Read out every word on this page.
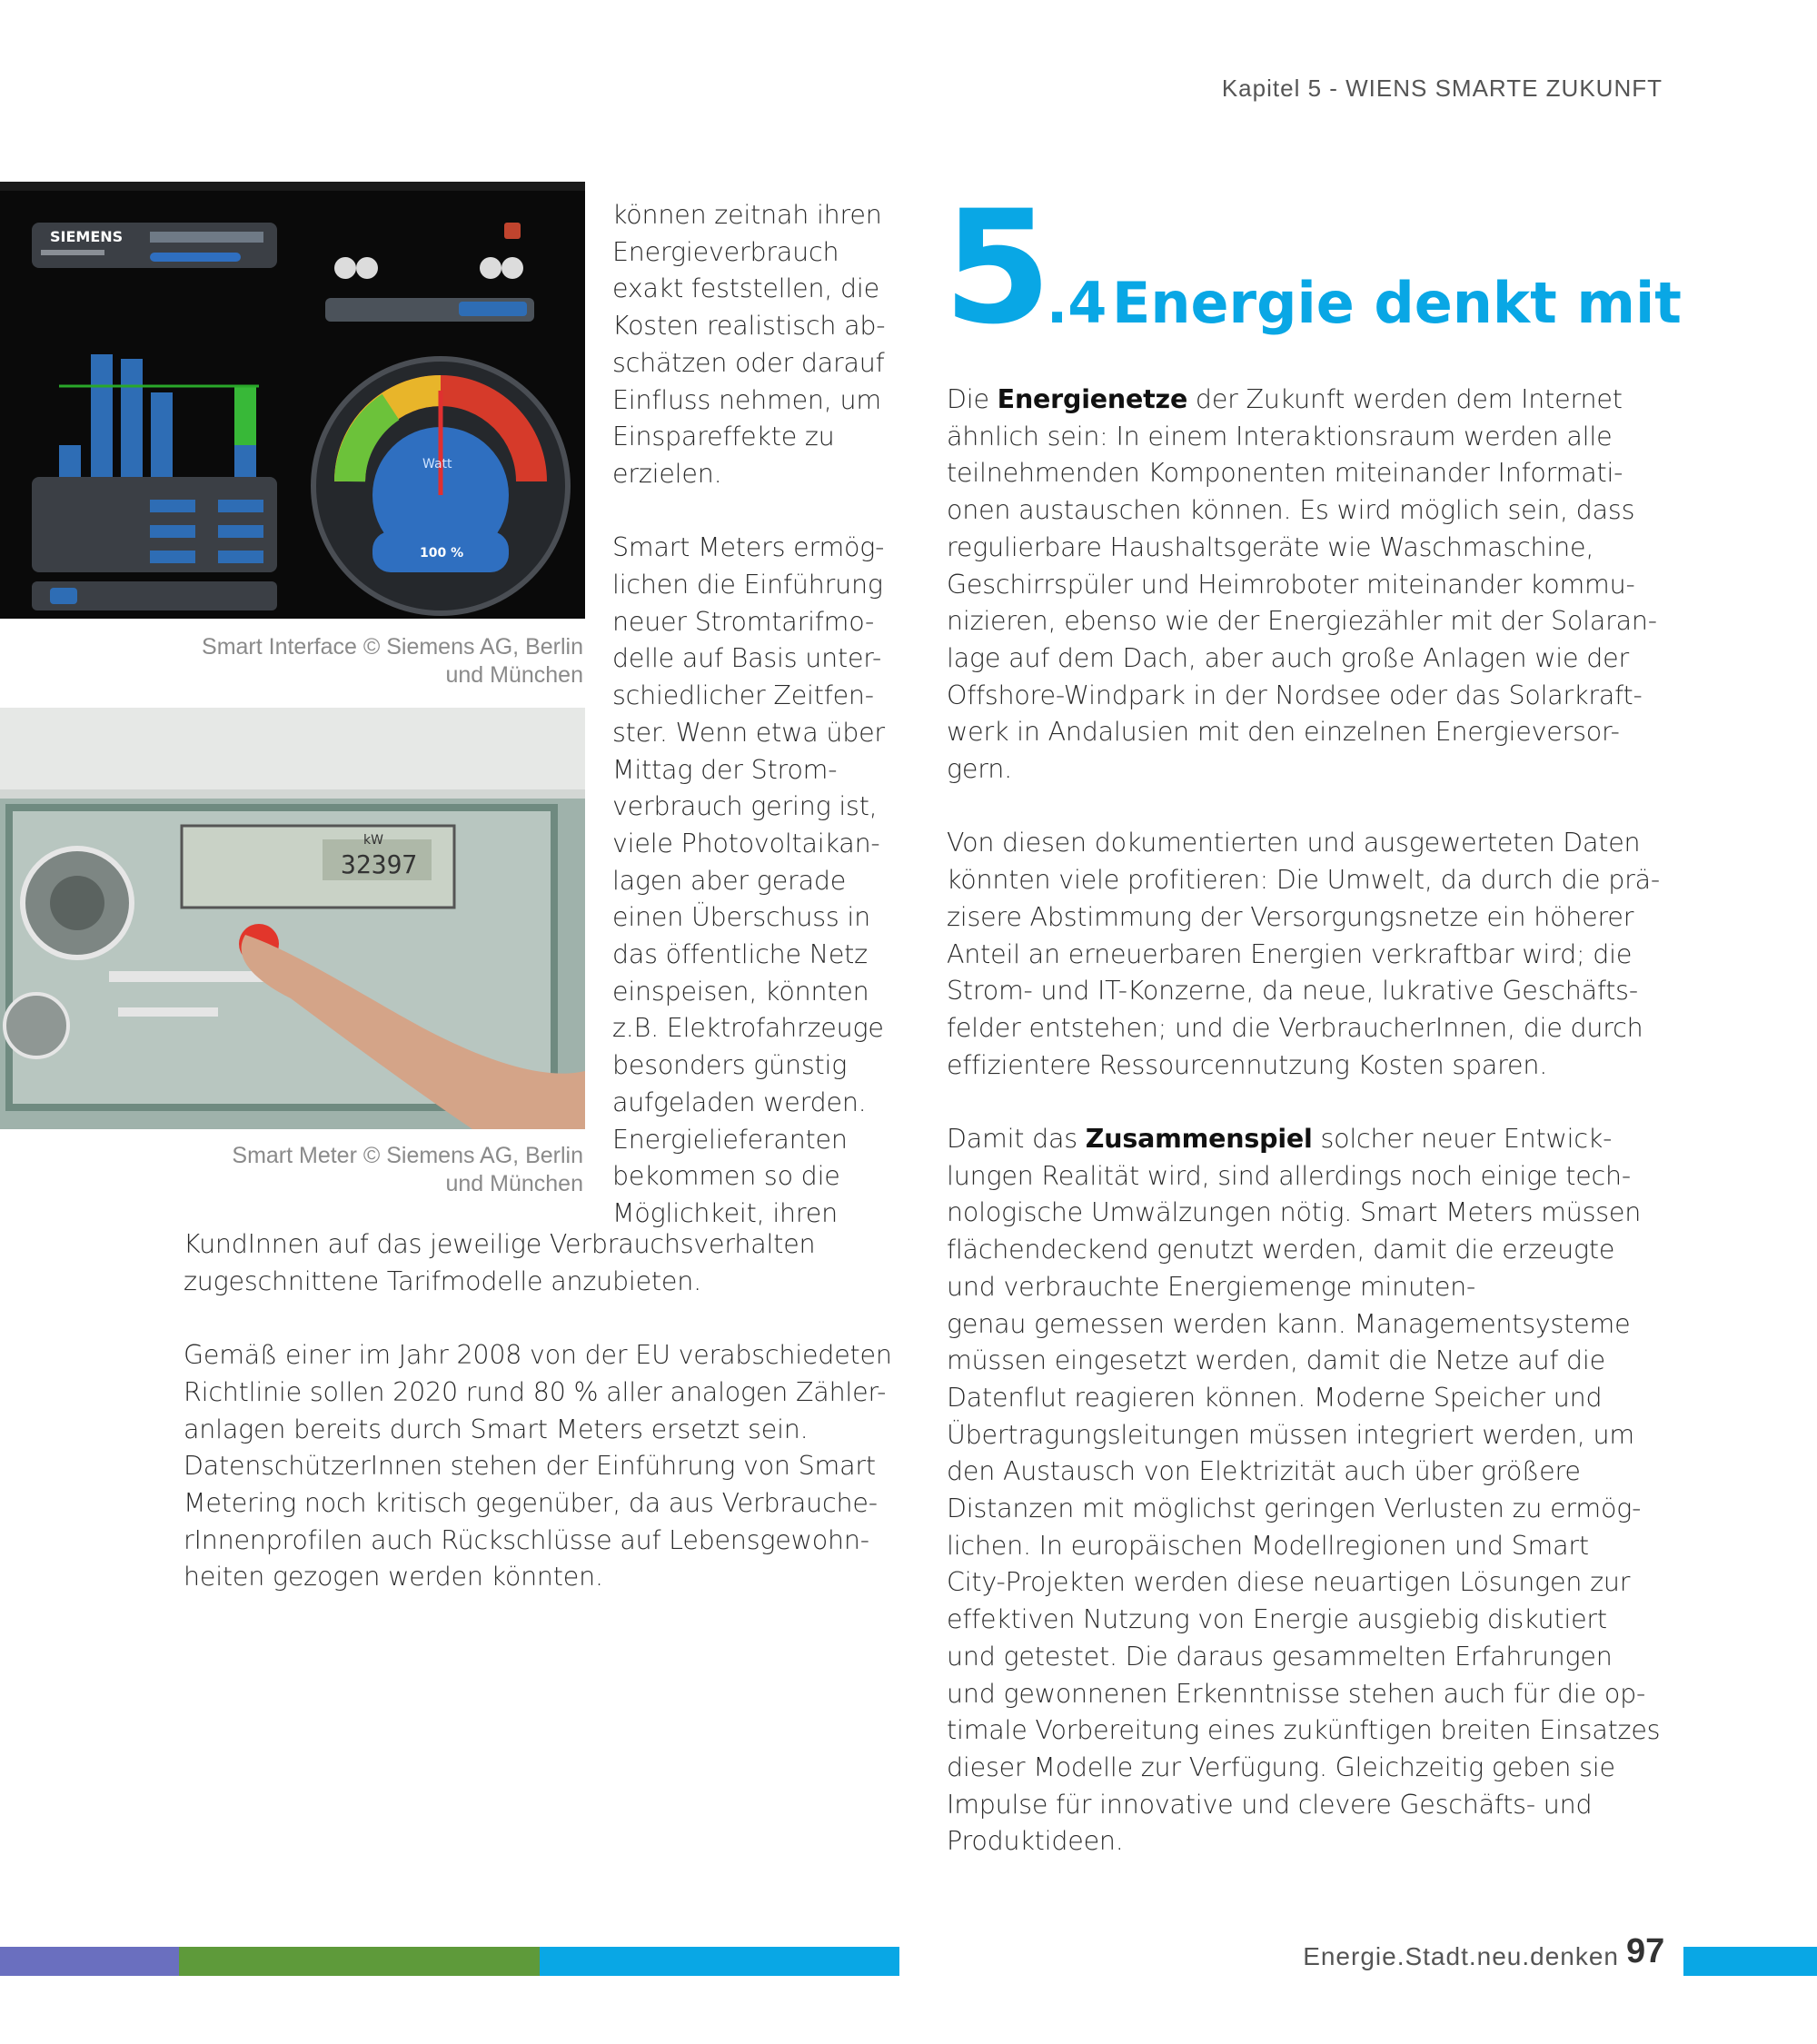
Kapitel 5 - WIENS SMARTE ZUKUNFT
SIEMENS
Watt
100 %
Smart Interface © Siemens AG, Berlin
und München
32397
kW
Smart Meter © Siemens AG, Berlin
und München
können zeitnah ihren
Energieverbrauch
exakt feststellen, die
Kosten realistisch ab-
schätzen oder darauf
Einfluss nehmen, um
Einspareffekte zu
erzielen.
Smart Meters ermög-
lichen die Einführung
neuer Stromtarifmo-
delle auf Basis unter-
schiedlicher Zeitfen-
ster. Wenn etwa über
Mittag der Strom-
verbrauch gering ist,
viele Photovoltaikan-
lagen aber gerade
einen Überschuss in
das öffentliche Netz
einspeisen, könnten
z.B. Elektrofahrzeuge
besonders günstig
aufgeladen werden.
Energielieferanten
bekommen so die
Möglichkeit, ihren
KundInnen auf das jeweilige Verbrauchsverhalten
zugeschnittene Tarifmodelle anzubieten.
Gemäß einer im Jahr 2008 von der EU verabschiedeten
Richtlinie sollen 2020 rund 80 % aller analogen Zähler-
anlagen bereits durch Smart Meters ersetzt sein.
DatenschützerInnen stehen der Einführung von Smart
Metering noch kritisch gegenüber, da aus Verbrauche-
rInnenprofilen auch Rückschlüsse auf Lebensgewohn-
heiten gezogen werden könnten.
5.4 Energie denkt mit
Die Energienetze der Zukunft werden dem Internet
ähnlich sein: In einem Interaktionsraum werden alle
teilnehmenden Komponenten miteinander Informati-
onen austauschen können. Es wird möglich sein, dass
regulierbare Haushaltsgeräte wie Waschmaschine,
Geschirrspüler und Heimroboter miteinander kommu-
nizieren, ebenso wie der Energiezähler mit der Solaran-
lage auf dem Dach, aber auch große Anlagen wie der
Offshore-Windpark in der Nordsee oder das Solarkraft-
werk in Andalusien mit den einzelnen Energieversor-
gern.
Von diesen dokumentierten und ausgewerteten Daten
könnten viele profitieren: Die Umwelt, da durch die prä-
zisere Abstimmung der Versorgungsnetze ein höherer
Anteil an erneuerbaren Energien verkraftbar wird; die
Strom- und IT-Konzerne, da neue, lukrative Geschäfts-
felder entstehen; und die VerbraucherInnen, die durch
effizientere Ressourcennutzung Kosten sparen.
Damit das Zusammenspiel solcher neuer Entwick-
lungen Realität wird, sind allerdings noch einige tech-
nologische Umwälzungen nötig. Smart Meters müssen
flächendeckend genutzt werden, damit die erzeugte
und verbrauchte Energiemenge minuten-
genau gemessen werden kann. Managementsysteme
müssen eingesetzt werden, damit die Netze auf die
Datenflut reagieren können. Moderne Speicher und
Übertragungsleitungen müssen integriert werden, um
den Austausch von Elektrizität auch über größere
Distanzen mit möglichst geringen Verlusten zu ermög-
lichen. In europäischen Modellregionen und Smart
City-Projekten werden diese neuartigen Lösungen zur
effektiven Nutzung von Energie ausgiebig diskutiert
und getestet. Die daraus gesammelten Erfahrungen
und gewonnenen Erkenntnisse stehen auch für die op-
timale Vorbereitung eines zukünftigen breiten Einsatzes
dieser Modelle zur Verfügung. Gleichzeitig geben sie
Impulse für innovative und clevere Geschäfts- und
Produktideen.
Energie.Stadt.neu.denken 97
